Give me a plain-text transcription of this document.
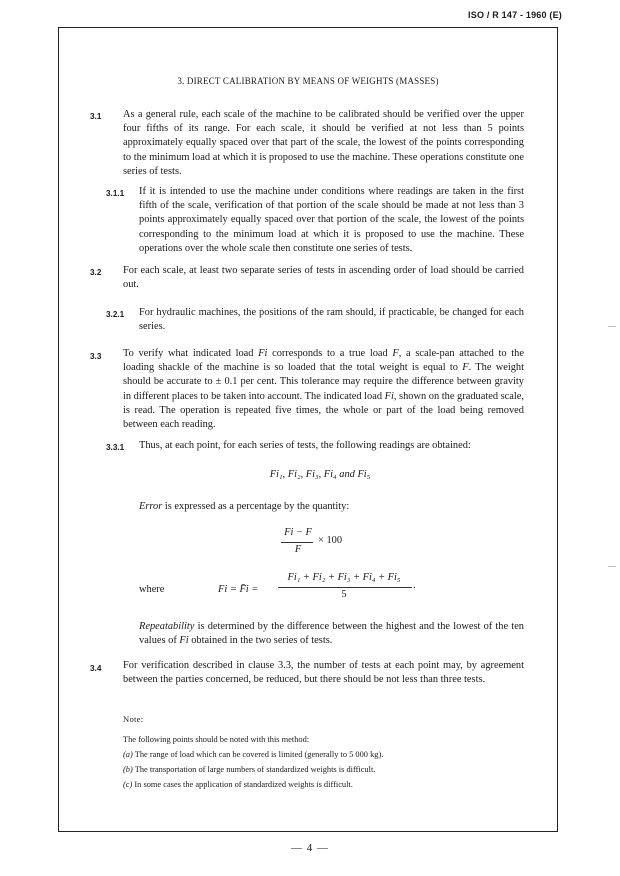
ISO / R 147 - 1960 (E)
3. DIRECT CALIBRATION BY MEANS OF WEIGHTS (MASSES)
3.1 As a general rule, each scale of the machine to be calibrated should be verified over the upper four fifths of its range. For each scale, it should be verified at not less than 5 points approximately equally spaced over that part of the scale, the lowest of the points corresponding to the minimum load at which it is proposed to use the machine. These operations constitute one series of tests.
3.1.1 If it is intended to use the machine under conditions where readings are taken in the first fifth of the scale, verification of that portion of the scale should be made at not less than 3 points approximately equally spaced over that portion of the scale, the lowest of the points corresponding to the minimum load at which it is proposed to use the machine. These operations over the whole scale then constitute one series of tests.
3.2 For each scale, at least two separate series of tests in ascending order of load should be carried out.
3.2.1 For hydraulic machines, the positions of the ram should, if practicable, be changed for each series.
3.3 To verify what indicated load Fi corresponds to a true load F, a scale-pan attached to the loading shackle of the machine is so loaded that the total weight is equal to F. The weight should be accurate to ± 0.1 per cent. This tolerance may require the difference between gravity in different places to be taken into account. The indicated load Fi, shown on the graduated scale, is read. The operation is repeated five times, the whole or part of the load being removed between each reading.
3.3.1 Thus, at each point, for each series of tests, the following readings are obtained:
Fi₁, Fi₂, Fi₃, Fi₄ and Fi₅
Error is expressed as a percentage by the quantity:
Fi − F
F
× 100
where	Fi = F̄i =
Fi₁ + Fi₂ + Fi₃ + Fi₄ + Fi₅
5
.
Repeatability is determined by the difference between the highest and the lowest of the ten values of Fi obtained in the two series of tests.
3.4 For verification described in clause 3.3, the number of tests at each point may, by agreement between the parties concerned, be reduced, but there should be not less than three tests.
Note:
The following points should be noted with this method:
(a) The range of load which can be covered is limited (generally to 5 000 kg).
(b) The transportation of large numbers of standardized weights is difficult.
(c) In some cases the application of standardized weights is difficult.
— 4 —
